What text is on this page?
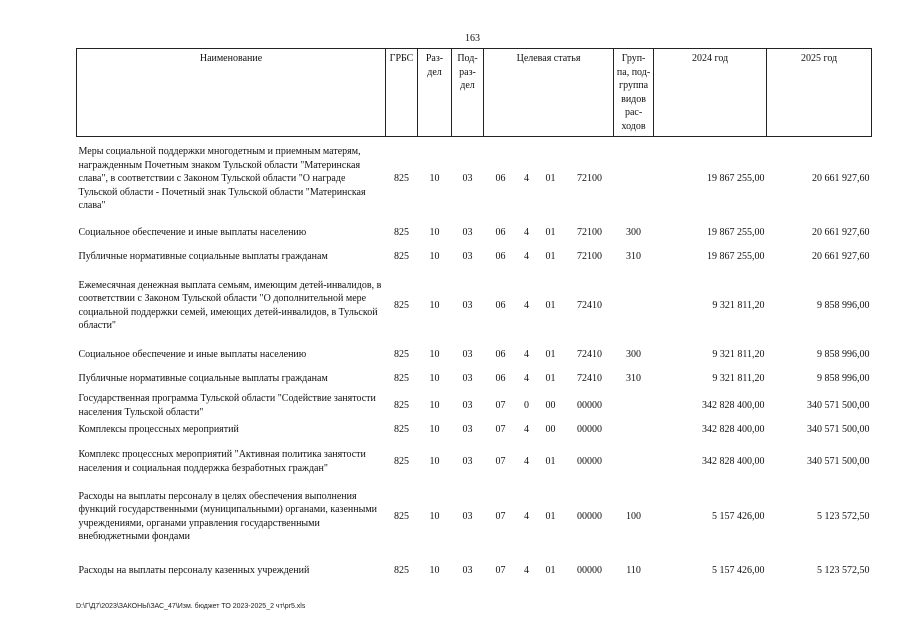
163
Наименование	ГРБС	Раз-дел	Под-раз-дел	Целевая статья				Груп-па, под-группа видов рас-ходов	2024 год	2025 год
Меры социальной поддержки многодетным и приемным матерям, награжденным Почетным знаком Тульской области "Материнская слава", в соответствии с Законом Тульской области "О награде Тульской области - Почетный знак Тульской области "Материнская слава"	825	10	03	06	4	01	72100		19 867 255,00	20 661 927,60
Социальное обеспечение и иные выплаты населению	825	10	03	06	4	01	72100	300	19 867 255,00	20 661 927,60
Публичные нормативные социальные выплаты гражданам	825	10	03	06	4	01	72100	310	19 867 255,00	20 661 927,60
Ежемесячная денежная выплата семьям, имеющим детей-инвалидов, в соответствии с Законом Тульской области "О дополнительной мере социальной поддержки семей, имеющих детей-инвалидов, в Тульской области"	825	10	03	06	4	01	72410		9 321 811,20	9 858 996,00
Социальное обеспечение и иные выплаты населению	825	10	03	06	4	01	72410	300	9 321 811,20	9 858 996,00
Публичные нормативные социальные выплаты гражданам	825	10	03	06	4	01	72410	310	9 321 811,20	9 858 996,00
Государственная программа Тульской области "Содействие занятости населения Тульской области"	825	10	03	07	0	00	00000		342 828 400,00	340 571 500,00
Комплексы процессных мероприятий	825	10	03	07	4	00	00000		342 828 400,00	340 571 500,00
Комплекс процессных мероприятий "Активная политика занятости населения и социальная поддержка безработных граждан"	825	10	03	07	4	01	00000		342 828 400,00	340 571 500,00
Расходы на выплаты персоналу в целях обеспечения выполнения функций государственными (муниципальными) органами, казенными учреждениями, органами управления государственными внебюджетными фондами	825	10	03	07	4	01	00000	100	5 157 426,00	5 123 572,50
Расходы на выплаты персоналу казенных учреждений	825	10	03	07	4	01	00000	110	5 157 426,00	5 123 572,50
D:\Г\Д7\2023\ЗАКОНЫ\ЗАС_47\Изм. бюджет ТО 2023-2025_2 чт\pr5.xls
